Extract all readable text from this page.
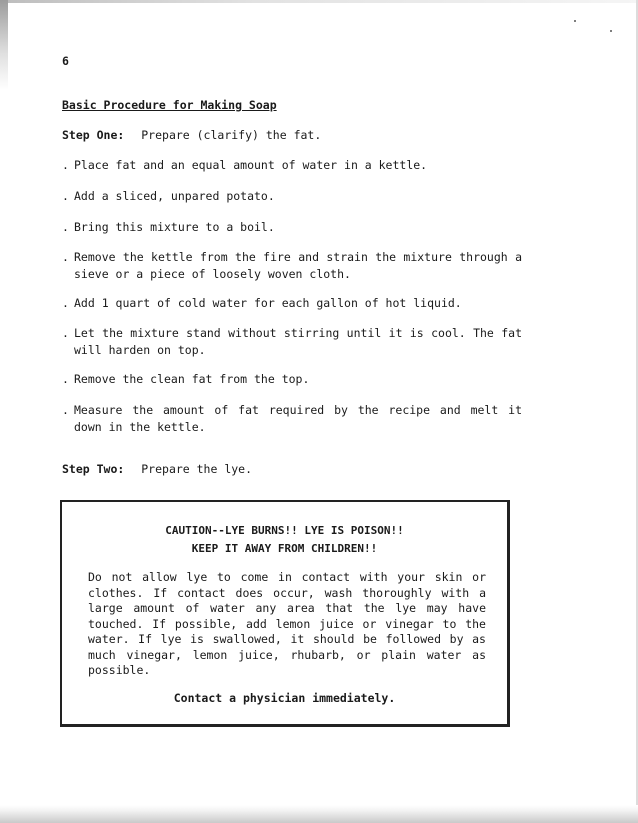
6
Basic Procedure for Making Soap
Step One: Prepare (clarify) the fat.
. Place fat and an equal amount of water in a kettle.
. Add a sliced, unpared potato.
. Bring this mixture to a boil.
. Remove the kettle from the fire and strain the mixture through a sieve or a piece of loosely woven cloth.
. Add 1 quart of cold water for each gallon of hot liquid.
. Let the mixture stand without stirring until it is cool. The fat will harden on top.
. Remove the clean fat from the top.
. Measure the amount of fat required by the recipe and melt it down in the kettle.
Step Two: Prepare the lye.
CAUTION--LYE BURNS!! LYE IS POISON!!
KEEP IT AWAY FROM CHILDREN!!
Do not allow lye to come in contact with your skin or clothes. If contact does occur, wash thoroughly with a large amount of water any area that the lye may have touched. If possible, add lemon juice or vinegar to the water. If lye is swallowed, it should be followed by as much vinegar, lemon juice, rhubarb, or plain water as possible.
Contact a physician immediately.
